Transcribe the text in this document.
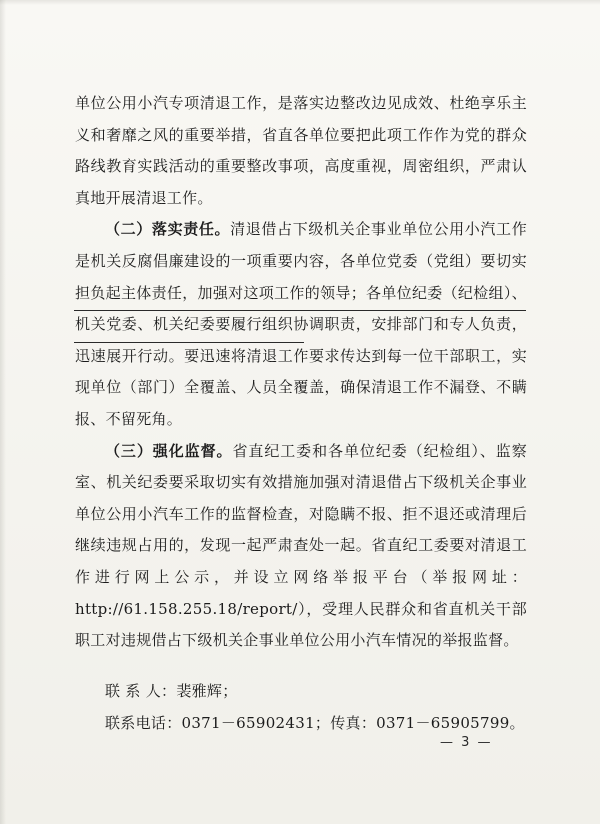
单位公用小汽专项清退工作，是落实边整改边见成效、杜绝享乐主义和奢靡之风的重要举措，省直各单位要把此项工作作为党的群众路线教育实践活动的重要整改事项，高度重视，周密组织，严肃认真地开展清退工作。

（二）落实责任。清退借占下级机关企事业单位公用小汽工作是机关反腐倡廉建设的一项重要内容，各单位党委（党组）要切实担负起主体责任，加强对这项工作的领导；各单位纪委（纪检组）、机关党委、机关纪委要履行组织协调职责，安排部门和专人负责，迅速展开行动。要迅速将清退工作要求传达到每一位干部职工，实现单位（部门）全覆盖、人员全覆盖，确保清退工作不漏登、不瞒报、不留死角。

（三）强化监督。省直纪工委和各单位纪委（纪检组）、监察室、机关纪委要采取切实有效措施加强对清退借占下级机关企事业单位公用小汽车工作的监督检查，对隐瞒不报、拒不退还或清理后继续违规占用的，发现一起严肃查处一起。省直纪工委要对清退工作进行网上公示，并设立网络举报平台（举报网址：http://61.158.255.18/report/），受理人民群众和省直机关干部职工对违规借占下级机关企事业单位公用小汽车情况的举报监督。

联 系 人：裴雅辉；
联系电话：0371－65902431；传真：0371－65905799。
— 3 —
